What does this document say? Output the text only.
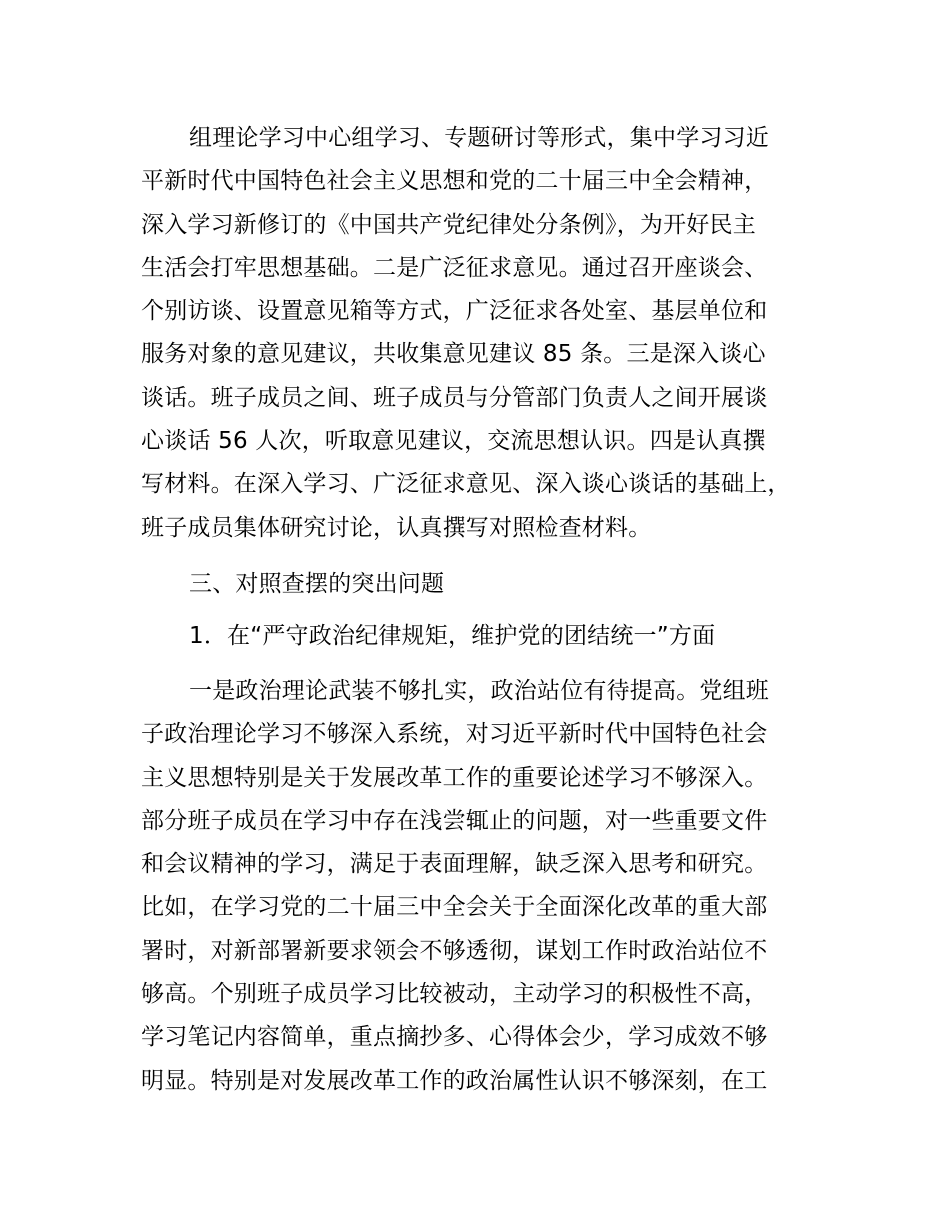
组理论学习中心组学习、专题研讨等形式，集中学习习近
平新时代中国特色社会主义思想和党的二十届三中全会精神，
深入学习新修订的《中国共产党纪律处分条例》，为开好民主
生活会打牢思想基础。二是广泛征求意见。通过召开座谈会、
个别访谈、设置意见箱等方式，广泛征求各处室、基层单位和
服务对象的意见建议，共收集意见建议 85 条。三是深入谈心
谈话。班子成员之间、班子成员与分管部门负责人之间开展谈
心谈话 56 人次，听取意见建议，交流思想认识。四是认真撰
写材料。在深入学习、广泛征求意见、深入谈心谈话的基础上，
班子成员集体研究讨论，认真撰写对照检查材料。
三、对照查摆的突出问题
1．在“严守政治纪律规矩，维护党的团结统一”方面
一是政治理论武装不够扎实，政治站位有待提高。党组班
子政治理论学习不够深入系统，对习近平新时代中国特色社会
主义思想特别是关于发展改革工作的重要论述学习不够深入。
部分班子成员在学习中存在浅尝辄止的问题，对一些重要文件
和会议精神的学习，满足于表面理解，缺乏深入思考和研究。
比如，在学习党的二十届三中全会关于全面深化改革的重大部
署时，对新部署新要求领会不够透彻，谋划工作时政治站位不
够高。个别班子成员学习比较被动，主动学习的积极性不高，
学习笔记内容简单，重点摘抄多、心得体会少，学习成效不够
明显。特别是对发展改革工作的政治属性认识不够深刻，在工
